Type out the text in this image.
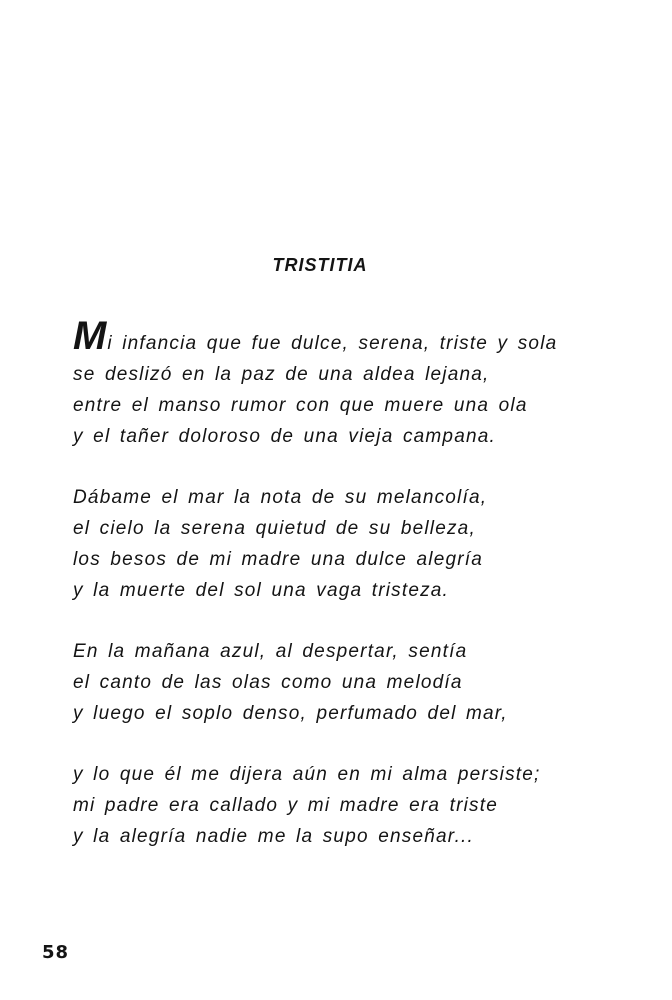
TRISTITIA
M i infancia que fue dulce, serena, triste y sola
se deslizó en la paz de una aldea lejana,
entre el manso rumor con que muere una ola
y el tañer doloroso de una vieja campana.
Dábame el mar la nota de su melancolía,
el cielo la serena quietud de su belleza,
los besos de mi madre una dulce alegría
y la muerte del sol una vaga tristeza.
En la mañana azul, al despertar, sentía
el canto de las olas como una melodía
y luego el soplo denso, perfumado del mar,
y lo que él me dijera aún en mi alma persiste;
mi padre era callado y mi madre era triste
y la alegría nadie me la supo enseñar...
58
